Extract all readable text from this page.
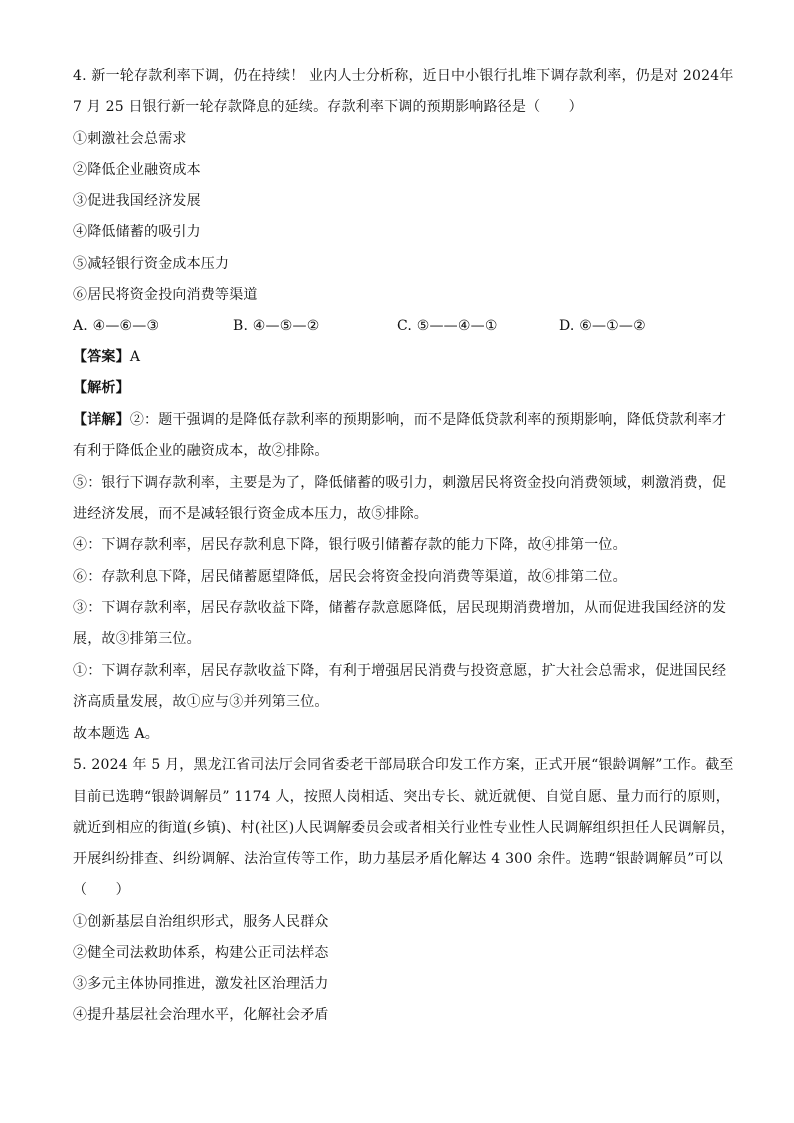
4. 新一轮存款利率下调，仍在持续！ 业内人士分析称，近日中小银行扎堆下调存款利率，仍是对 2024年
7 月 25 日银行新一轮存款降息的延续。存款利率下调的预期影响路径是（　　）
①刺激社会总需求
②降低企业融资成本
③促进我国经济发展
④降低储蓄的吸引力
⑤减轻银行资金成本压力
⑥居民将资金投向消费等渠道
A. ④—⑥—③	B. ④—⑤—②	C. ⑤——④—①	D. ⑥—①—②
【答案】A
【解析】
【详解】②：题干强调的是降低存款利率的预期影响，而不是降低贷款利率的预期影响，降低贷款利率才
有利于降低企业的融资成本，故②排除。
⑤：银行下调存款利率，主要是为了，降低储蓄的吸引力，刺激居民将资金投向消费领域，刺激消费，促
进经济发展，而不是减轻银行资金成本压力，故⑤排除。
④：下调存款利率，居民存款利息下降，银行吸引储蓄存款的能力下降，故④排第一位。
⑥：存款利息下降，居民储蓄愿望降低，居民会将资金投向消费等渠道，故⑥排第二位。
③：下调存款利率，居民存款收益下降，储蓄存款意愿降低，居民现期消费增加，从而促进我国经济的发
展，故③排第三位。
①：下调存款利率，居民存款收益下降，有利于增强居民消费与投资意愿，扩大社会总需求，促进国民经
济高质量发展，故①应与③并列第三位。
故本题选 A。
5. 2024 年 5 月，黑龙江省司法厅会同省委老干部局联合印发工作方案，正式开展“银龄调解”工作。截至
目前已选聘“银龄调解员” 1174 人，按照人岗相适、突出专长、就近就便、自觉自愿、量力而行的原则，
就近到相应的街道(乡镇)、村(社区)人民调解委员会或者相关行业性专业性人民调解组织担任人民调解员，
开展纠纷排查、纠纷调解、法治宣传等工作，助力基层矛盾化解达 4 300 余件。选聘“银龄调解员”可以
（　　）
①创新基层自治组织形式，服务人民群众
②健全司法救助体系，构建公正司法样态
③多元主体协同推进，激发社区治理活力
④提升基层社会治理水平，化解社会矛盾
